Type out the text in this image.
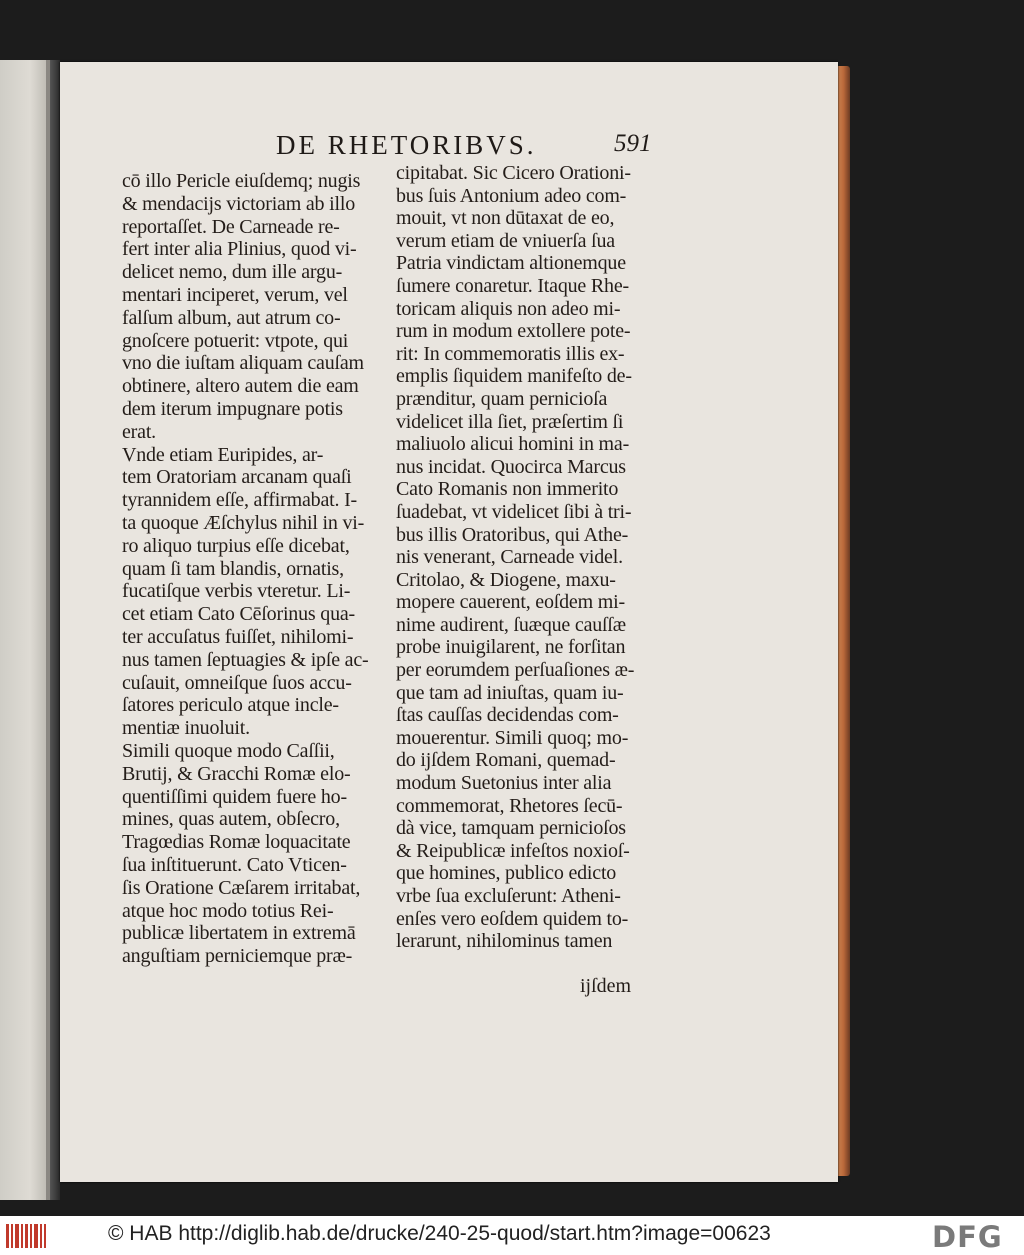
DE RHETORIBVS.	591
cō illo Pericle eiuſdemq; nugis
& mendacijs victoriam ab illo
reportaſſet. De Carneade re-
fert inter alia Plinius, quod vi-
delicet nemo, dum ille argu-
mentari inciperet, verum, vel
falſum album, aut atrum co-
gnoſcere potuerit: vtpote, qui
vno die iuſtam aliquam cauſam
obtinere, altero autem die eam
dem iterum impugnare potis
erat.
Vnde etiam Euripides, ar-
tem Oratoriam arcanam quaſi
tyrannidem eſſe, affirmabat. I-
ta quoque Æſchylus nihil in vi-
ro aliquo turpius eſſe dicebat,
quam ſi tam blandis, ornatis,
fucatiſque verbis vteretur. Li-
cet etiam Cato Cēſorinus qua-
ter accuſatus fuiſſet, nihilomi-
nus tamen ſeptuagies & ipſe ac-
cuſauit, omneiſque ſuos accu-
ſatores periculo atque incle-
mentiæ inuoluit.
Simili quoque modo Caſſii,
Brutij, & Gracchi Romæ elo-
quentiſſimi quidem fuere ho-
mines, quas autem, obſecro,
Tragœdias Romæ loquacitate
ſua inſtituerunt. Cato Vticen-
ſis Oratione Cæſarem irritabat,
atque hoc modo totius Rei-
publicæ libertatem in extremā
anguſtiam perniciemque præ-
cipitabat. Sic Cicero Orationi-
bus ſuis Antonium adeo com-
mouit, vt non dūtaxat de eo,
verum etiam de vniuerſa ſua
Patria vindictam altionemque
ſumere conaretur. Itaque Rhe-
toricam aliquis non adeo mi-
rum in modum extollere pote-
rit: In commemoratis illis ex-
emplis ſiquidem manifeſto de-
prænditur, quam pernicioſa
videlicet illa ſiet, præſertim ſi
maliuolo alicui homini in ma-
nus incidat. Quocirca Marcus
Cato Romanis non immerito
ſuadebat, vt videlicet ſibi à tri-
bus illis Oratoribus, qui Athe-
nis venerant, Carneade videl.
Critolao, & Diogene, maxu-
mopere cauerent, eoſdem mi-
nime audirent, ſuæque cauſſæ
probe inuigilarent, ne forſitan
per eorumdem perſuaſiones æ-
que tam ad iniuſtas, quam iu-
ſtas cauſſas decidendas com-
mouerentur. Simili quoq; mo-
do ijſdem Romani, quemad-
modum Suetonius inter alia
commemorat, Rhetores ſecū-
dà vice, tamquam pernicioſos
& Reipublicæ infeſtos noxioſ-
que homines, publico edicto
vrbe ſua excluſerunt: Atheni-
enſes vero eoſdem quidem to-
lerarunt, nihilominus tamen
ijſdem
© HAB http://diglib.hab.de/drucke/240-25-quod/start.htm?image=00623	DFG
